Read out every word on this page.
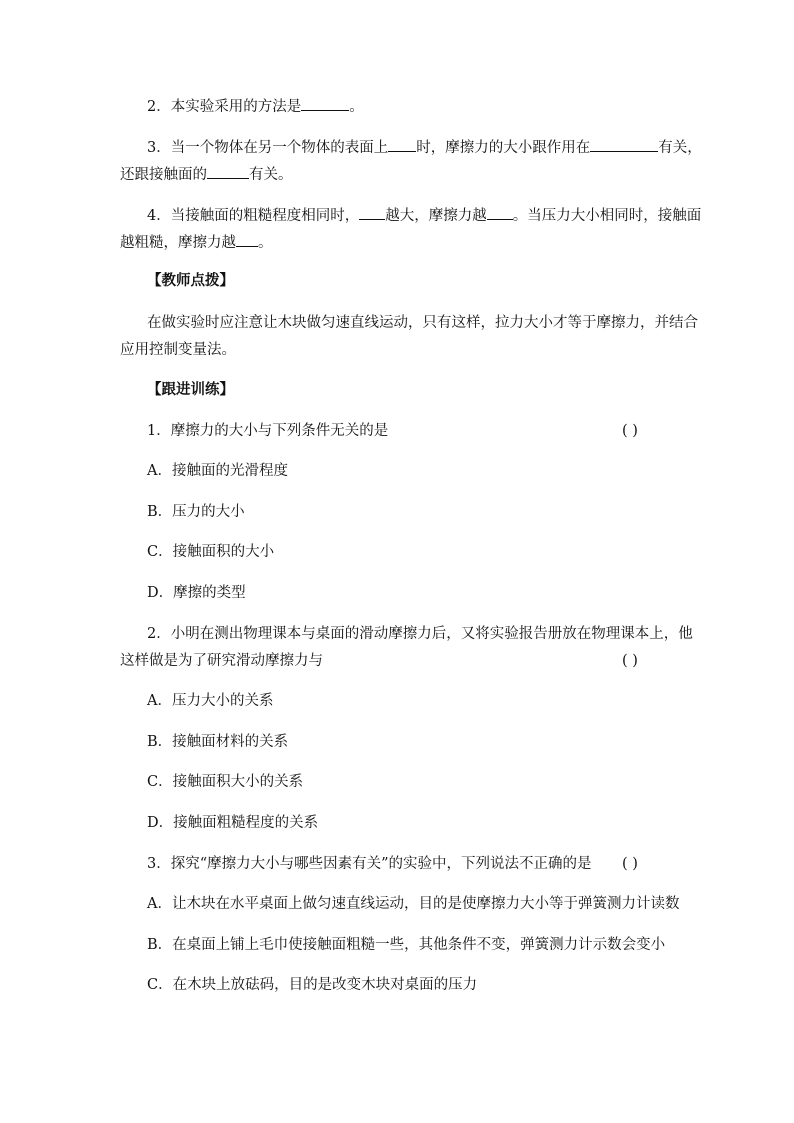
2．本实验采用的方法是	。
3．当一个物体在另一个物体的表面上 时，摩擦力的大小跟作用在	有关，
还跟接触面的	有关。
4．当接触面的粗糙程度相同时， 越大，摩擦力越 。当压力大小相同时，接触面
越粗糙，摩擦力越 。
【教师点拨】
在做实验时应注意让木块做匀速直线运动，只有这样，拉力大小才等于摩擦力，并结合
应用控制变量法。
【跟进训练】
1．摩擦力的大小与下列条件无关的是	( )
A．接触面的光滑程度
B．压力的大小
C．接触面积的大小
D．摩擦的类型
2．小明在测出物理课本与桌面的滑动摩擦力后，又将实验报告册放在物理课本上，他
这样做是为了研究滑动摩擦力与	( )
A．压力大小的关系
B．接触面材料的关系
C．接触面积大小的关系
D．接触面粗糙程度的关系
3．探究“摩擦力大小与哪些因素有关”的实验中，下列说法不正确的是 ( )
A．让木块在水平桌面上做匀速直线运动，目的是使摩擦力大小等于弹簧测力计读数
B．在桌面上铺上毛巾使接触面粗糙一些，其他条件不变，弹簧测力计示数会变小
C．在木块上放砝码，目的是改变木块对桌面的压力
